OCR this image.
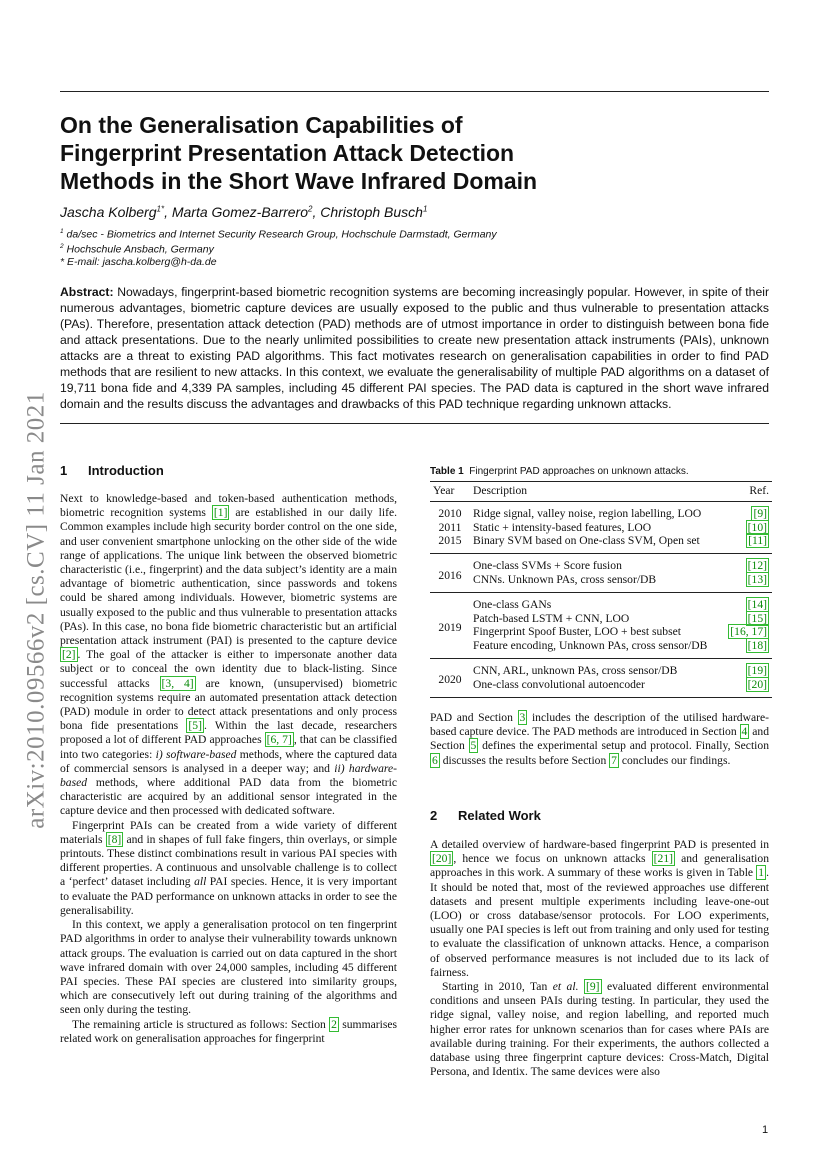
arXiv:2010.09566v2 [cs.CV] 11 Jan 2021
On the Generalisation Capabilities of
Fingerprint Presentation Attack Detection
Methods in the Short Wave Infrared Domain
Jascha Kolberg$^{1*}$, Marta Gomez-Barrero$^2$, Christoph Busch$^1$
$^1$ da/sec - Biometrics and Internet Security Research Group, Hochschule Darmstadt, Germany
$^2$ Hochschule Ansbach, Germany
* E-mail: jascha.kolberg@h-da.de
Abstract: Nowadays, fingerprint-based biometric recognition systems are becoming increasingly popular. However, in spite of their numerous advantages, biometric capture devices are usually exposed to the public and thus vulnerable to presentation attacks (PAs). Therefore, presentation attack detection (PAD) methods are of utmost importance in order to distinguish between bona fide and attack presentations. Due to the nearly unlimited possibilities to create new presentation attack instruments (PAIs), unknown attacks are a threat to existing PAD algorithms. This fact motivates research on generalisation capabilities in order to find PAD methods that are resilient to new attacks. In this context, we evaluate the generalisability of multiple PAD algorithms on a dataset of 19,711 bona fide and 4,339 PA samples, including 45 different PAI species. The PAD data is captured in the short wave infrared domain and the results discuss the advantages and drawbacks of this PAD technique regarding unknown attacks.
1 Introduction

Next to knowledge-based and token-based authentication methods, biometric recognition systems [1] are established in our daily life. Common examples include high security border control on the one side, and user convenient smartphone unlocking on the other side of the wide range of applications. The unique link between the observed biometric characteristic (i.e., fingerprint) and the data subject’s identity are a main advantage of biometric authentication, since passwords and tokens could be shared among individuals. However, biometric systems are usually exposed to the public and thus vulnerable to presentation attacks (PAs). In this case, no bona fide biometric characteristic but an artificial presentation attack instrument (PAI) is presented to the capture device [2] . The goal of the attacker is either to impersonate another data subject or to conceal the own identity due to black-listing. Since successful attacks [3, 4] are known, (unsupervised) biometric recognition systems require an automated presentation attack detection (PAD) module in order to detect attack presentations and only process bona fide presentations [5] . Within the last decade, researchers proposed a lot of different PAD approaches [6, 7] , that can be classified into two categories: i) software-based methods, where the captured data of commercial sensors is analysed in a deeper way; and ii) hardware-based methods, where additional PAD data from the biometric characteristic are acquired by an additional sensor integrated in the capture device and then processed with dedicated software.

Fingerprint PAIs can be created from a wide variety of different materials [8] and in shapes of full fake fingers, thin overlays, or simple printouts. These distinct combinations result in various PAI species with different properties. A continuous and unsolvable challenge is to collect a ‘perfect’ dataset including all PAI species. Hence, it is very important to evaluate the PAD performance on unknown attacks in order to see the generalisability.

In this context, we apply a generalisation protocol on ten fingerprint PAD algorithms in order to analyse their vulnerability towards unknown attack groups. The evaluation is carried out on data captured in the short wave infrared domain with over 24,000 samples, including 45 different PAI species. These PAI species are clustered into similarity groups, which are consecutively left out during training of the algorithms and seen only during the testing.

The remaining article is structured as follows: Section 2 summarises related work on generalisation approaches for fingerprint

Table 1 Fingerprint PAD approaches on unknown attacks.
Year	Description	Ref.
2010	Ridge signal, valley noise, region labelling, LOO	[9]
2011	Static + intensity-based features, LOO	[10]
2015	Binary SVM based on One-class SVM, Open set	[11]
2016	One-class SVMs + Score fusion	[12]
	CNNs. Unknown PAs, cross sensor/DB	[13]
2019	One-class GANs	[14]
	Patch-based LSTM + CNN, LOO	[15]
	Fingerprint Spoof Buster, LOO + best subset	[16, 17]
	Feature encoding, Unknown PAs, cross sensor/DB	[18]
2020	CNN, ARL, unknown PAs, cross sensor/DB	[19]
	One-class convolutional autoencoder	[20]

PAD and Section 3 includes the description of the utilised hardware-based capture device. The PAD methods are introduced in Section 4 and Section 5 defines the experimental setup and protocol. Finally, Section 6 discusses the results before Section 7 concludes our findings.

2 Related Work

A detailed overview of hardware-based fingerprint PAD is presented in [20] , hence we focus on unknown attacks [21] and generalisation approaches in this work. A summary of these works is given in Table 1 . It should be noted that, most of the reviewed approaches use different datasets and present multiple experiments including leave-one-out (LOO) or cross database/sensor protocols. For LOO experiments, usually one PAI species is left out from training and only used for testing to evaluate the classification of unknown attacks. Hence, a comparison of observed performance measures is not included due to its lack of fairness.

Starting in 2010, Tan et al. [9] evaluated different environmental conditions and unseen PAIs during testing. In particular, they used the ridge signal, valley noise, and region labelling, and reported much higher error rates for unknown scenarios than for cases where PAIs are available during training. For their experiments, the authors collected a database using three fingerprint capture devices: Cross-Match, Digital Persona, and Identix. The same devices were also

1
